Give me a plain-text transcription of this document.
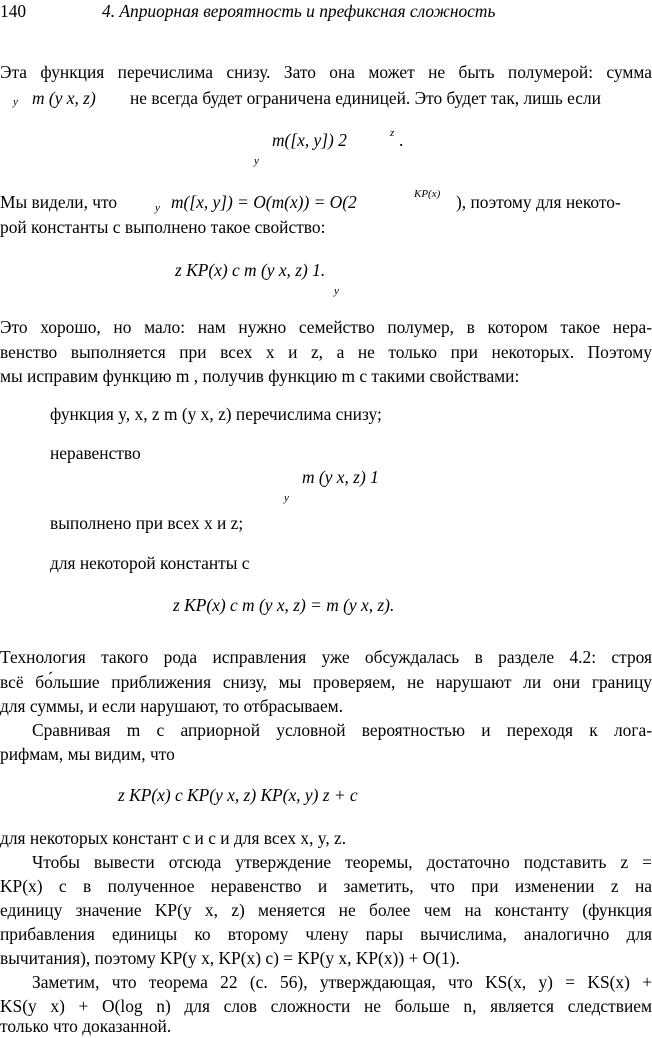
140	4. Априорная вероятность и префиксная сложность
Эта функция перечислима снизу. Зато она может не быть полумерой: сумма
y m (y x, z) не всегда будет ограничена единицей. Это будет так, лишь если
m([x, y]) 2	z .
y
Мы видели, что	y m([x, y]) = O(m(x)) = O(2	KP(x) ), поэтому для некото-
рой константы c выполнено такое свойство:
z KP(x) c m (y x, z) 1.
y
Это хорошо, но мало: нам нужно семейство полумер, в котором такое нера-
венство выполняется при всех x и z, а не только при некоторых. Поэтому
мы исправим функцию m , получив функцию m с такими свойствами:
функция y, x, z m (y x, z) перечислима снизу;
неравенство
m (y x, z) 1
y
выполнено при всех x и z;
для некоторой константы c
z KP(x) c m (y x, z) = m (y x, z).
Технология такого рода исправления уже обсуждалась в разделе 4.2: строя
всё бо́льшие приближения снизу, мы проверяем, не нарушают ли они границу
для суммы, и если нарушают, то отбрасываем.
Сравнивая m с априорной условной вероятностью и переходя к лога-
рифмам, мы видим, что
z KP(x) c KP(y x, z) KP(x, y) z + c
для некоторых констант c и c и для всех x, y, z.
Чтобы вывести отсюда утверждение теоремы, достаточно подставить z =
KP(x) c в полученное неравенство и заметить, что при изменении z на
единицу значение KP(y x, z) меняется не более чем на константу (функция
прибавления единицы ко второму члену пары вычислима, аналогично для
вычитания), поэтому KP(y x, KP(x) c) = KP(y x, KP(x)) + O(1).
Заметим, что теорема 22 (с. 56), утверждающая, что KS(x, y) = KS(x) +
KS(y x) + O(log n) для слов сложности не больше n, является следствием
только что доказанной.
